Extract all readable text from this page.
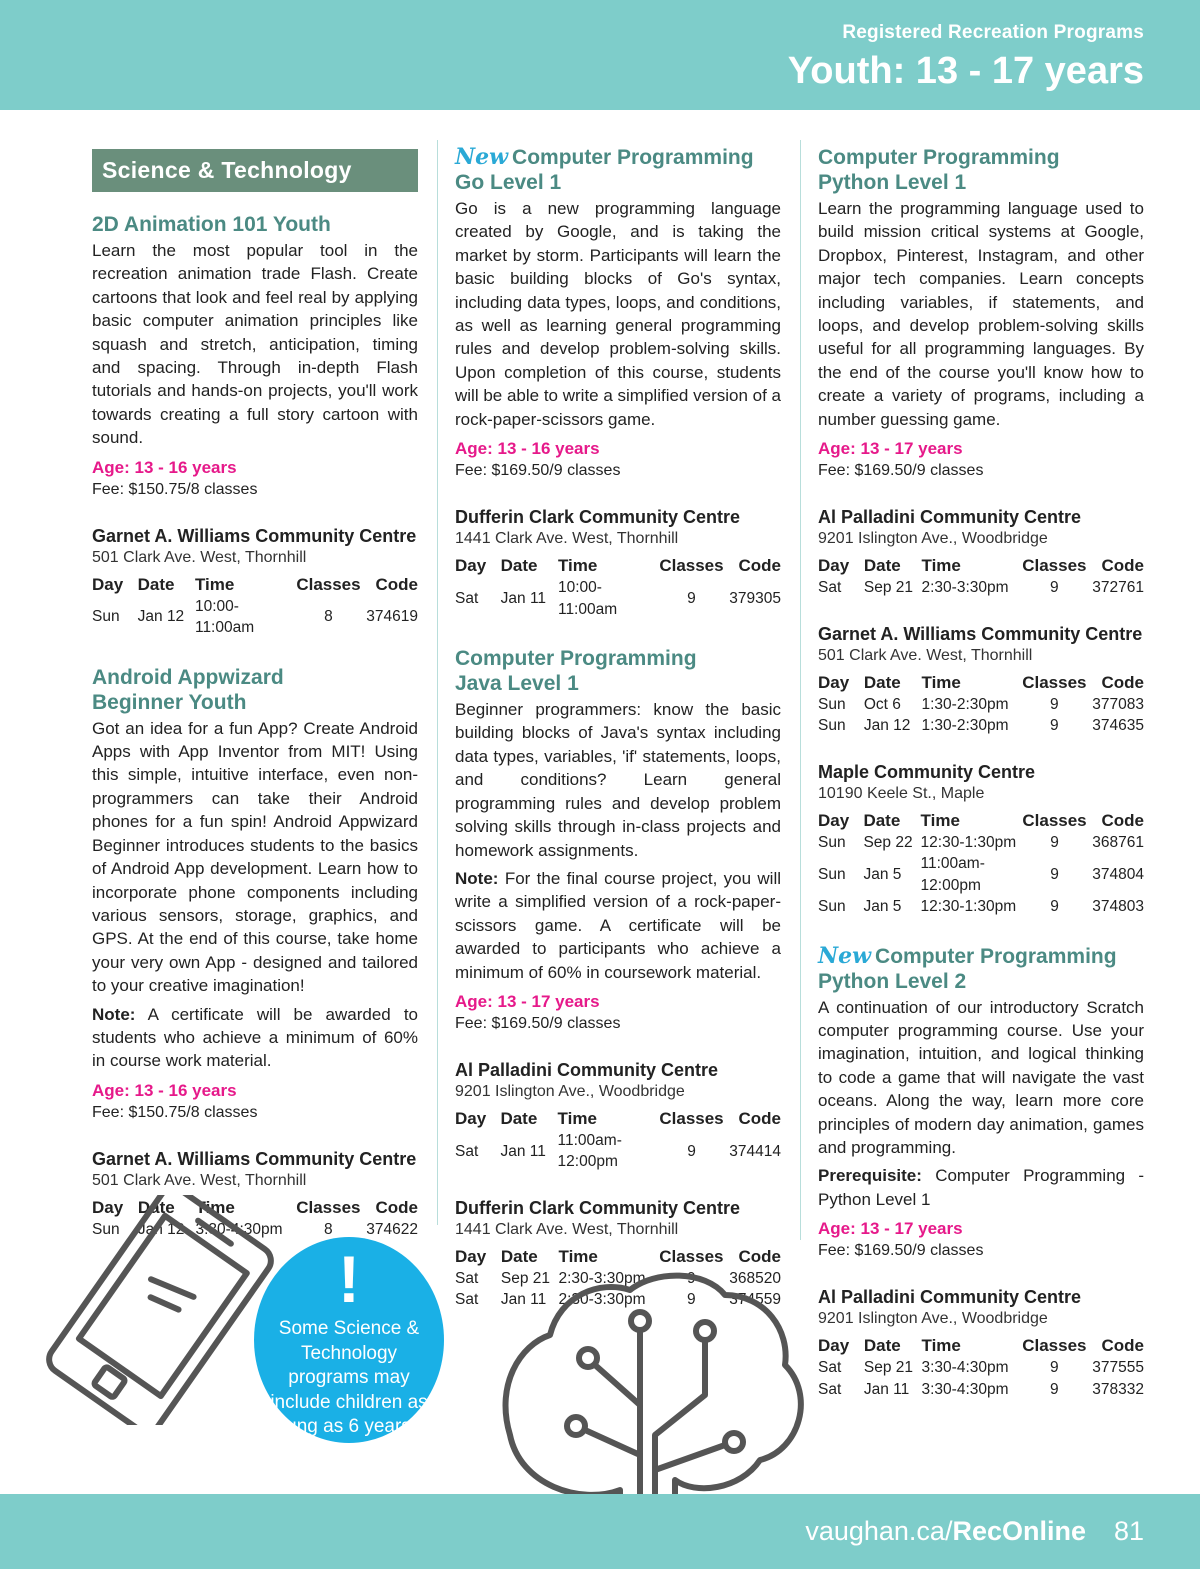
Registered Recreation Programs
Youth: 13 - 17 years
Science & Technology
2D Animation 101 Youth
Learn the most popular tool in the recreation animation trade Flash. Create cartoons that look and feel real by applying basic computer animation principles like squash and stretch, anticipation, timing and spacing. Through in-depth Flash tutorials and hands-on projects, you'll work towards creating a full story cartoon with sound.
Age: 13 - 16 years
Fee: $150.75/8 classes
Garnet A. Williams Community Centre
501 Clark Ave. West, Thornhill
Day	Date	Time	Classes	Code
Sun	Jan 12	10:00-11:00am	8	374619
Android Appwizard Beginner Youth
Got an idea for a fun App? Create Android Apps with App Inventor from MIT! Using this simple, intuitive interface, even non-programmers can take their Android phones for a fun spin! Android Appwizard Beginner introduces students to the basics of Android App development. Learn how to incorporate phone components including various sensors, storage, graphics, and GPS. At the end of this course, take home your very own App - designed and tailored to your creative imagination!
Note: A certificate will be awarded to students who achieve a minimum of 60% in course work material.
Age: 13 - 16 years
Fee: $150.75/8 classes
Garnet A. Williams Community Centre
501 Clark Ave. West, Thornhill
Day	Date	Time	Classes	Code
Sun	Jan 12	3:30-4:30pm	8	374622
New Computer Programming Go Level 1
Go is a new programming language created by Google, and is taking the market by storm. Participants will learn the basic building blocks of Go's syntax, including data types, loops, and conditions, as well as learning general programming rules and develop problem-solving skills. Upon completion of this course, students will be able to write a simplified version of a rock-paper-scissors game.
Age: 13 - 16 years
Fee: $169.50/9 classes
Dufferin Clark Community Centre
1441 Clark Ave. West, Thornhill
Day	Date	Time	Classes	Code
Sat	Jan 11	10:00-11:00am	9	379305
Computer Programming Java Level 1
Beginner programmers: know the basic building blocks of Java's syntax including data types, variables, 'if' statements, loops, and conditions? Learn general programming rules and develop problem solving skills through in-class projects and homework assignments.
Note: For the final course project, you will write a simplified version of a rock-paper-scissors game. A certificate will be awarded to participants who achieve a minimum of 60% in coursework material.
Age: 13 - 17 years
Fee: $169.50/9 classes
Al Palladini Community Centre
9201 Islington Ave., Woodbridge
Day	Date	Time	Classes	Code
Sat	Jan 11	11:00am-12:00pm	9	374414
Dufferin Clark Community Centre
1441 Clark Ave. West, Thornhill
Day	Date	Time	Classes	Code
Sat	Sep 21	2:30-3:30pm	9	368520
Sat	Jan 11	2:30-3:30pm	9	374559
Computer Programming Python Level 1
Learn the programming language used to build mission critical systems at Google, Dropbox, Pinterest, Instagram, and other major tech companies. Learn concepts including variables, if statements, and loops, and develop problem-solving skills useful for all programming languages. By the end of the course you'll know how to create a variety of programs, including a number guessing game.
Age: 13 - 17 years
Fee: $169.50/9 classes
Al Palladini Community Centre
9201 Islington Ave., Woodbridge
Day	Date	Time	Classes	Code
Sat	Sep 21	2:30-3:30pm	9	372761
Garnet A. Williams Community Centre
501 Clark Ave. West, Thornhill
Day	Date	Time	Classes	Code
Sun	Oct 6	1:30-2:30pm	9	377083
Sun	Jan 12	1:30-2:30pm	9	374635
Maple Community Centre
10190 Keele St., Maple
Day	Date	Time	Classes	Code
Sun	Sep 22	12:30-1:30pm	9	368761
Sun	Jan 5	11:00am-12:00pm	9	374804
Sun	Jan 5	12:30-1:30pm	9	374803
New Computer Programming Python Level 2
A continuation of our introductory Scratch computer programming course. Use your imagination, intuition, and logical thinking to code a game that will navigate the vast oceans. Along the way, learn more core principles of modern day animation, games and programming.
Prerequisite: Computer Programming - Python Level 1
Age: 13 - 17 years
Fee: $169.50/9 classes
Al Palladini Community Centre
9201 Islington Ave., Woodbridge
Day	Date	Time	Classes	Code
Sat	Sep 21	3:30-4:30pm	9	377555
Sat	Jan 11	3:30-4:30pm	9	378332
!
Some Science & Technology programs may include children as young as 6 years of age.
vaughan.ca/RecOnline 81
